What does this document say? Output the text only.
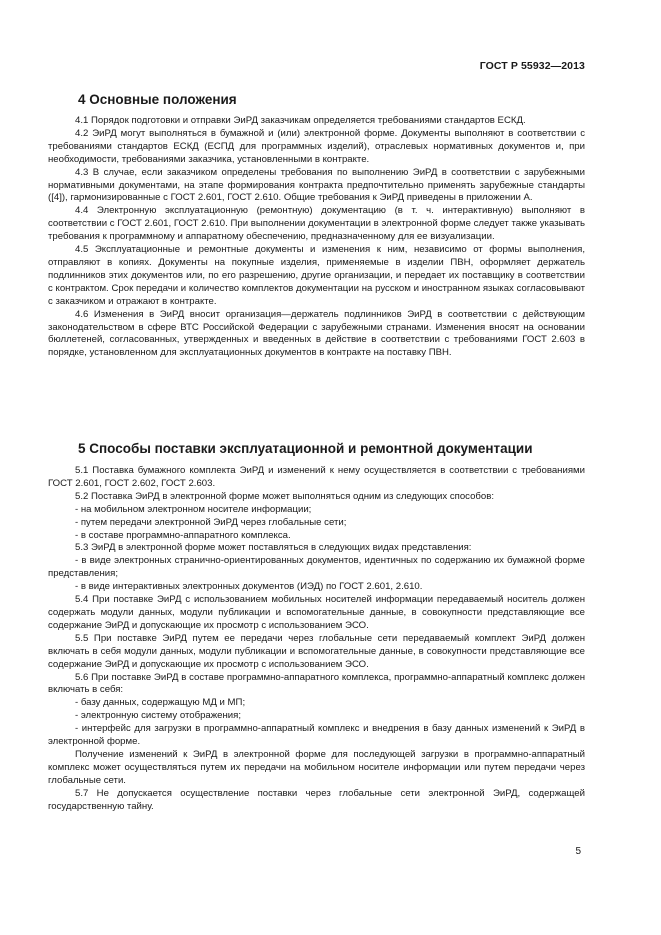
ГОСТ Р 55932—2013
4 Основные положения

4.1 Порядок подготовки и отправки ЭиРД заказчикам определяется требованиями стандартов ЕСКД.

4.2 ЭиРД могут выполняться в бумажной и (или) электронной форме. Документы выполняют в соответствии с требованиями стандартов ЕСКД (ЕСПД для программных изделий), отраслевых нормативных документов и, при необходимости, требованиями заказчика, установленными в контракте.

4.3 В случае, если заказчиком определены требования по выполнению ЭиРД в соответствии с зарубежными нормативными документами, на этапе формирования контракта предпочтительно применять зарубежные стандарты ([4]), гармонизированные с ГОСТ 2.601, ГОСТ 2.610. Общие требования к ЭиРД приведены в приложении А.

4.4 Электронную эксплуатационную (ремонтную) документацию (в т. ч. интерактивную) выполняют в соответствии с ГОСТ 2.601, ГОСТ 2.610. При выполнении документации в электронной форме следует также указывать требования к программному и аппаратному обеспечению, предназначенному для ее визуализации.

4.5 Эксплуатационные и ремонтные документы и изменения к ним, независимо от формы выполнения, отправляют в копиях. Документы на покупные изделия, применяемые в изделии ПВН, оформляет держатель подлинников этих документов или, по его разрешению, другие организации, и передает их поставщику в соответствии с контрактом. Срок передачи и количество комплектов документации на русском и иностранном языках согласовывают с заказчиком и отражают в контракте.

4.6 Изменения в ЭиРД вносит организация—держатель подлинников ЭиРД в соответствии с действующим законодательством в сфере ВТС Российской Федерации с зарубежными странами. Изменения вносят на основании бюллетеней, согласованных, утвержденных и введенных в действие в соответствии с требованиями ГОСТ 2.603 в порядке, установленном для эксплуатационных документов в контракте на поставку ПВН.

5 Способы поставки эксплуатационной и ремонтной документации

5.1 Поставка бумажного комплекта ЭиРД и изменений к нему осуществляется в соответствии с требованиями ГОСТ 2.601, ГОСТ 2.602, ГОСТ 2.603.

5.2 Поставка ЭиРД в электронной форме может выполняться одним из следующих способов:

- на мобильном электронном носителе информации;

- путем передачи электронной ЭиРД через глобальные сети;

- в составе программно-аппаратного комплекса.

5.3 ЭиРД в электронной форме может поставляться в следующих видах представления:

- в виде электронных странично-ориентированных документов, идентичных по содержанию их бумажной форме представления;

- в виде интерактивных электронных документов (ИЭД) по ГОСТ 2.601, 2.610.

5.4 При поставке ЭиРД с использованием мобильных носителей информации передаваемый носитель должен содержать модули данных, модули публикации и вспомогательные данные, в совокупности представляющие все содержание ЭиРД и допускающие их просмотр с использованием ЭСО.

5.5 При поставке ЭиРД путем ее передачи через глобальные сети передаваемый комплект ЭиРД должен включать в себя модули данных, модули публикации и вспомогательные данные, в совокупности представляющие все содержание ЭиРД и допускающие их просмотр с использованием ЭСО.

5.6 При поставке ЭиРД в составе программно-аппаратного комплекса, программно-аппаратный комплекс должен включать в себя:

- базу данных, содержащую МД и МП;

- электронную систему отображения;

- интерфейс для загрузки в программно-аппаратный комплекс и внедрения в базу данных изменений к ЭиРД в электронной форме.

Получение изменений к ЭиРД в электронной форме для последующей загрузки в программно-аппаратный комплекс может осуществляться путем их передачи на мобильном носителе информации или путем передачи через глобальные сети.

5.7 Не допускается осуществление поставки через глобальные сети электронной ЭиРД, содержащей государственную тайну.

5
